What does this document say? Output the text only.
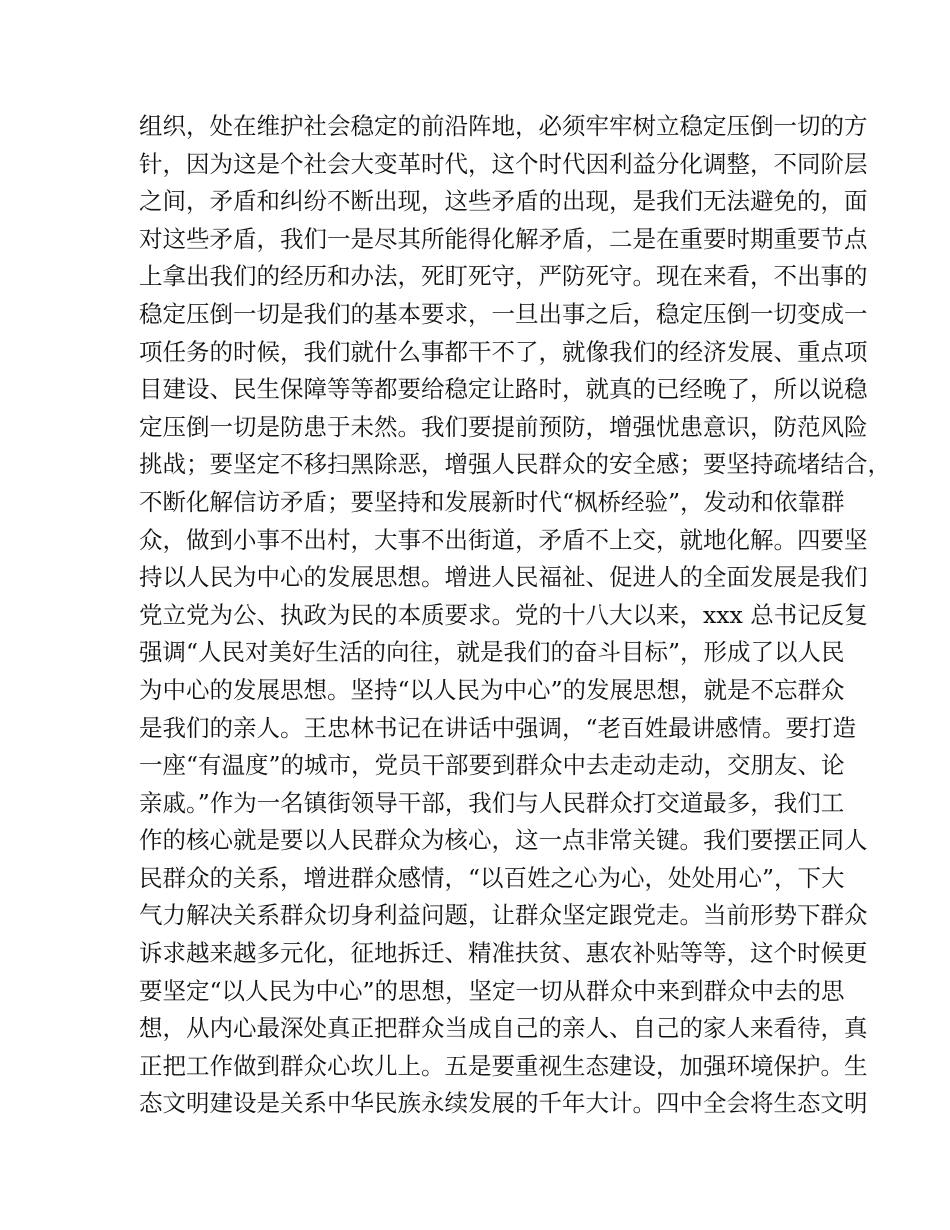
组织，处在维护社会稳定的前沿阵地，必须牢牢树立稳定压倒一切的方
针，因为这是个社会大变革时代，这个时代因利益分化调整，不同阶层
之间，矛盾和纠纷不断出现，这些矛盾的出现，是我们无法避免的，面
对这些矛盾，我们一是尽其所能得化解矛盾，二是在重要时期重要节点
上拿出我们的经历和办法，死盯死守，严防死守。现在来看，不出事的
稳定压倒一切是我们的基本要求，一旦出事之后，稳定压倒一切变成一
项任务的时候，我们就什么事都干不了，就像我们的经济发展、重点项
目建设、民生保障等等都要给稳定让路时，就真的已经晚了，所以说稳
定压倒一切是防患于未然。我们要提前预防，增强忧患意识，防范风险
挑战；要坚定不移扫黑除恶，增强人民群众的安全感；要坚持疏堵结合，
不断化解信访矛盾；要坚持和发展新时代“枫桥经验”，发动和依靠群
众，做到小事不出村，大事不出街道，矛盾不上交，就地化解。四要坚
持以人民为中心的发展思想。增进人民福祉、促进人的全面发展是我们
党立党为公、执政为民的本质要求。党的十八大以来，xxx 总书记反复
强调“人民对美好生活的向往，就是我们的奋斗目标”，形成了以人民
为中心的发展思想。坚持“以人民为中心”的发展思想，就是不忘群众
是我们的亲人。王忠林书记在讲话中强调，“老百姓最讲感情。要打造
一座“有温度”的城市，党员干部要到群众中去走动走动，交朋友、论
亲戚。”作为一名镇街领导干部，我们与人民群众打交道最多，我们工
作的核心就是要以人民群众为核心，这一点非常关键。我们要摆正同人
民群众的关系，增进群众感情，“以百姓之心为心，处处用心”，下大
气力解决关系群众切身利益问题，让群众坚定跟党走。当前形势下群众
诉求越来越多元化，征地拆迁、精准扶贫、惠农补贴等等，这个时候更
要坚定“以人民为中心”的思想，坚定一切从群众中来到群众中去的思
想，从内心最深处真正把群众当成自己的亲人、自己的家人来看待，真
正把工作做到群众心坎儿上。五是要重视生态建设，加强环境保护。生
态文明建设是关系中华民族永续发展的千年大计。四中全会将生态文明
